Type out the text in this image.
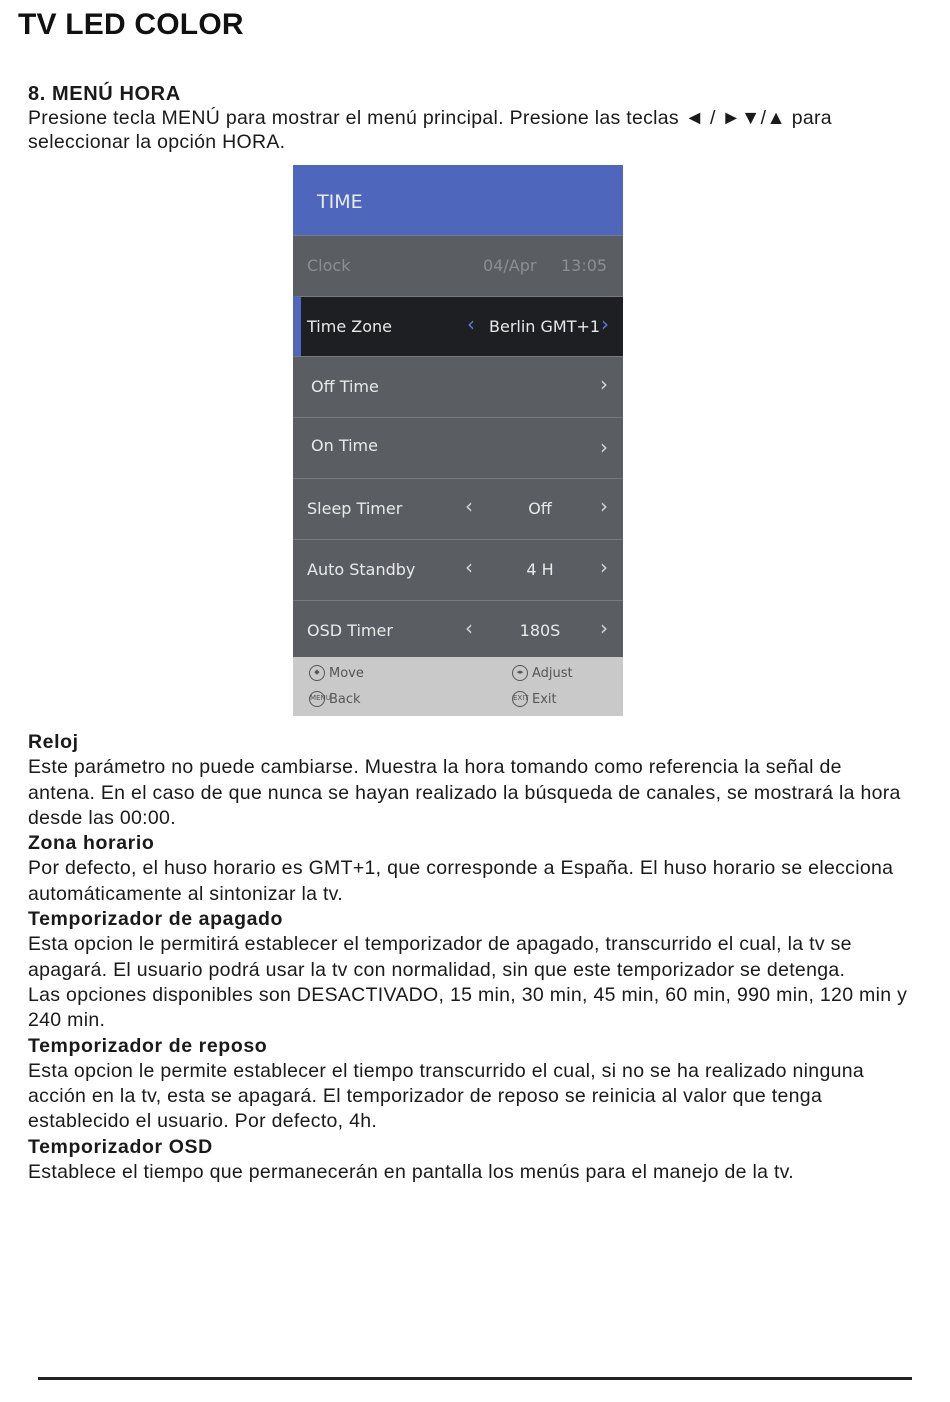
TV LED COLOR
8. MENÚ HORA
Presione tecla MENÚ para mostrar el menú principal. Presione las teclas ◄ / ►▼/▲ para seleccionar la opción HORA.
TIME
Clock	04/Apr 13:05
Time Zone	‹ Berlin GMT+1 ›
Off Time	›
On Time	›
Sleep Timer	‹	Off	›
Auto Standby ‹	4 H	›
OSD Timer	‹	180S	›
◆ Move	◂▸ Adjust
MENU
Back	EXIT Exit
Reloj
Este parámetro no puede cambiarse. Muestra la hora tomando como referencia la señal de antena. En el caso de que nunca se hayan realizado la búsqueda de canales, se mostrará la hora desde las 00:00.
Zona horario
Por defecto, el huso horario es GMT+1, que corresponde a España. El huso horario se elecciona automáticamente al sintonizar la tv.
Temporizador de apagado
Esta opcion le permitirá establecer el temporizador de apagado, transcurrido el cual, la tv se apagará. El usuario podrá usar la tv con normalidad, sin que este temporizador se detenga.
Las opciones disponibles son DESACTIVADO, 15 min, 30 min, 45 min, 60 min, 990 min, 120 min y 240 min.
Temporizador de reposo
Esta opcion le permite establecer el tiempo transcurrido el cual, si no se ha realizado ninguna acción en la tv, esta se apagará. El temporizador de reposo se reinicia al valor que tenga establecido el usuario. Por defecto, 4h.
Temporizador OSD
Establece el tiempo que permanecerán en pantalla los menús para el manejo de la tv.
